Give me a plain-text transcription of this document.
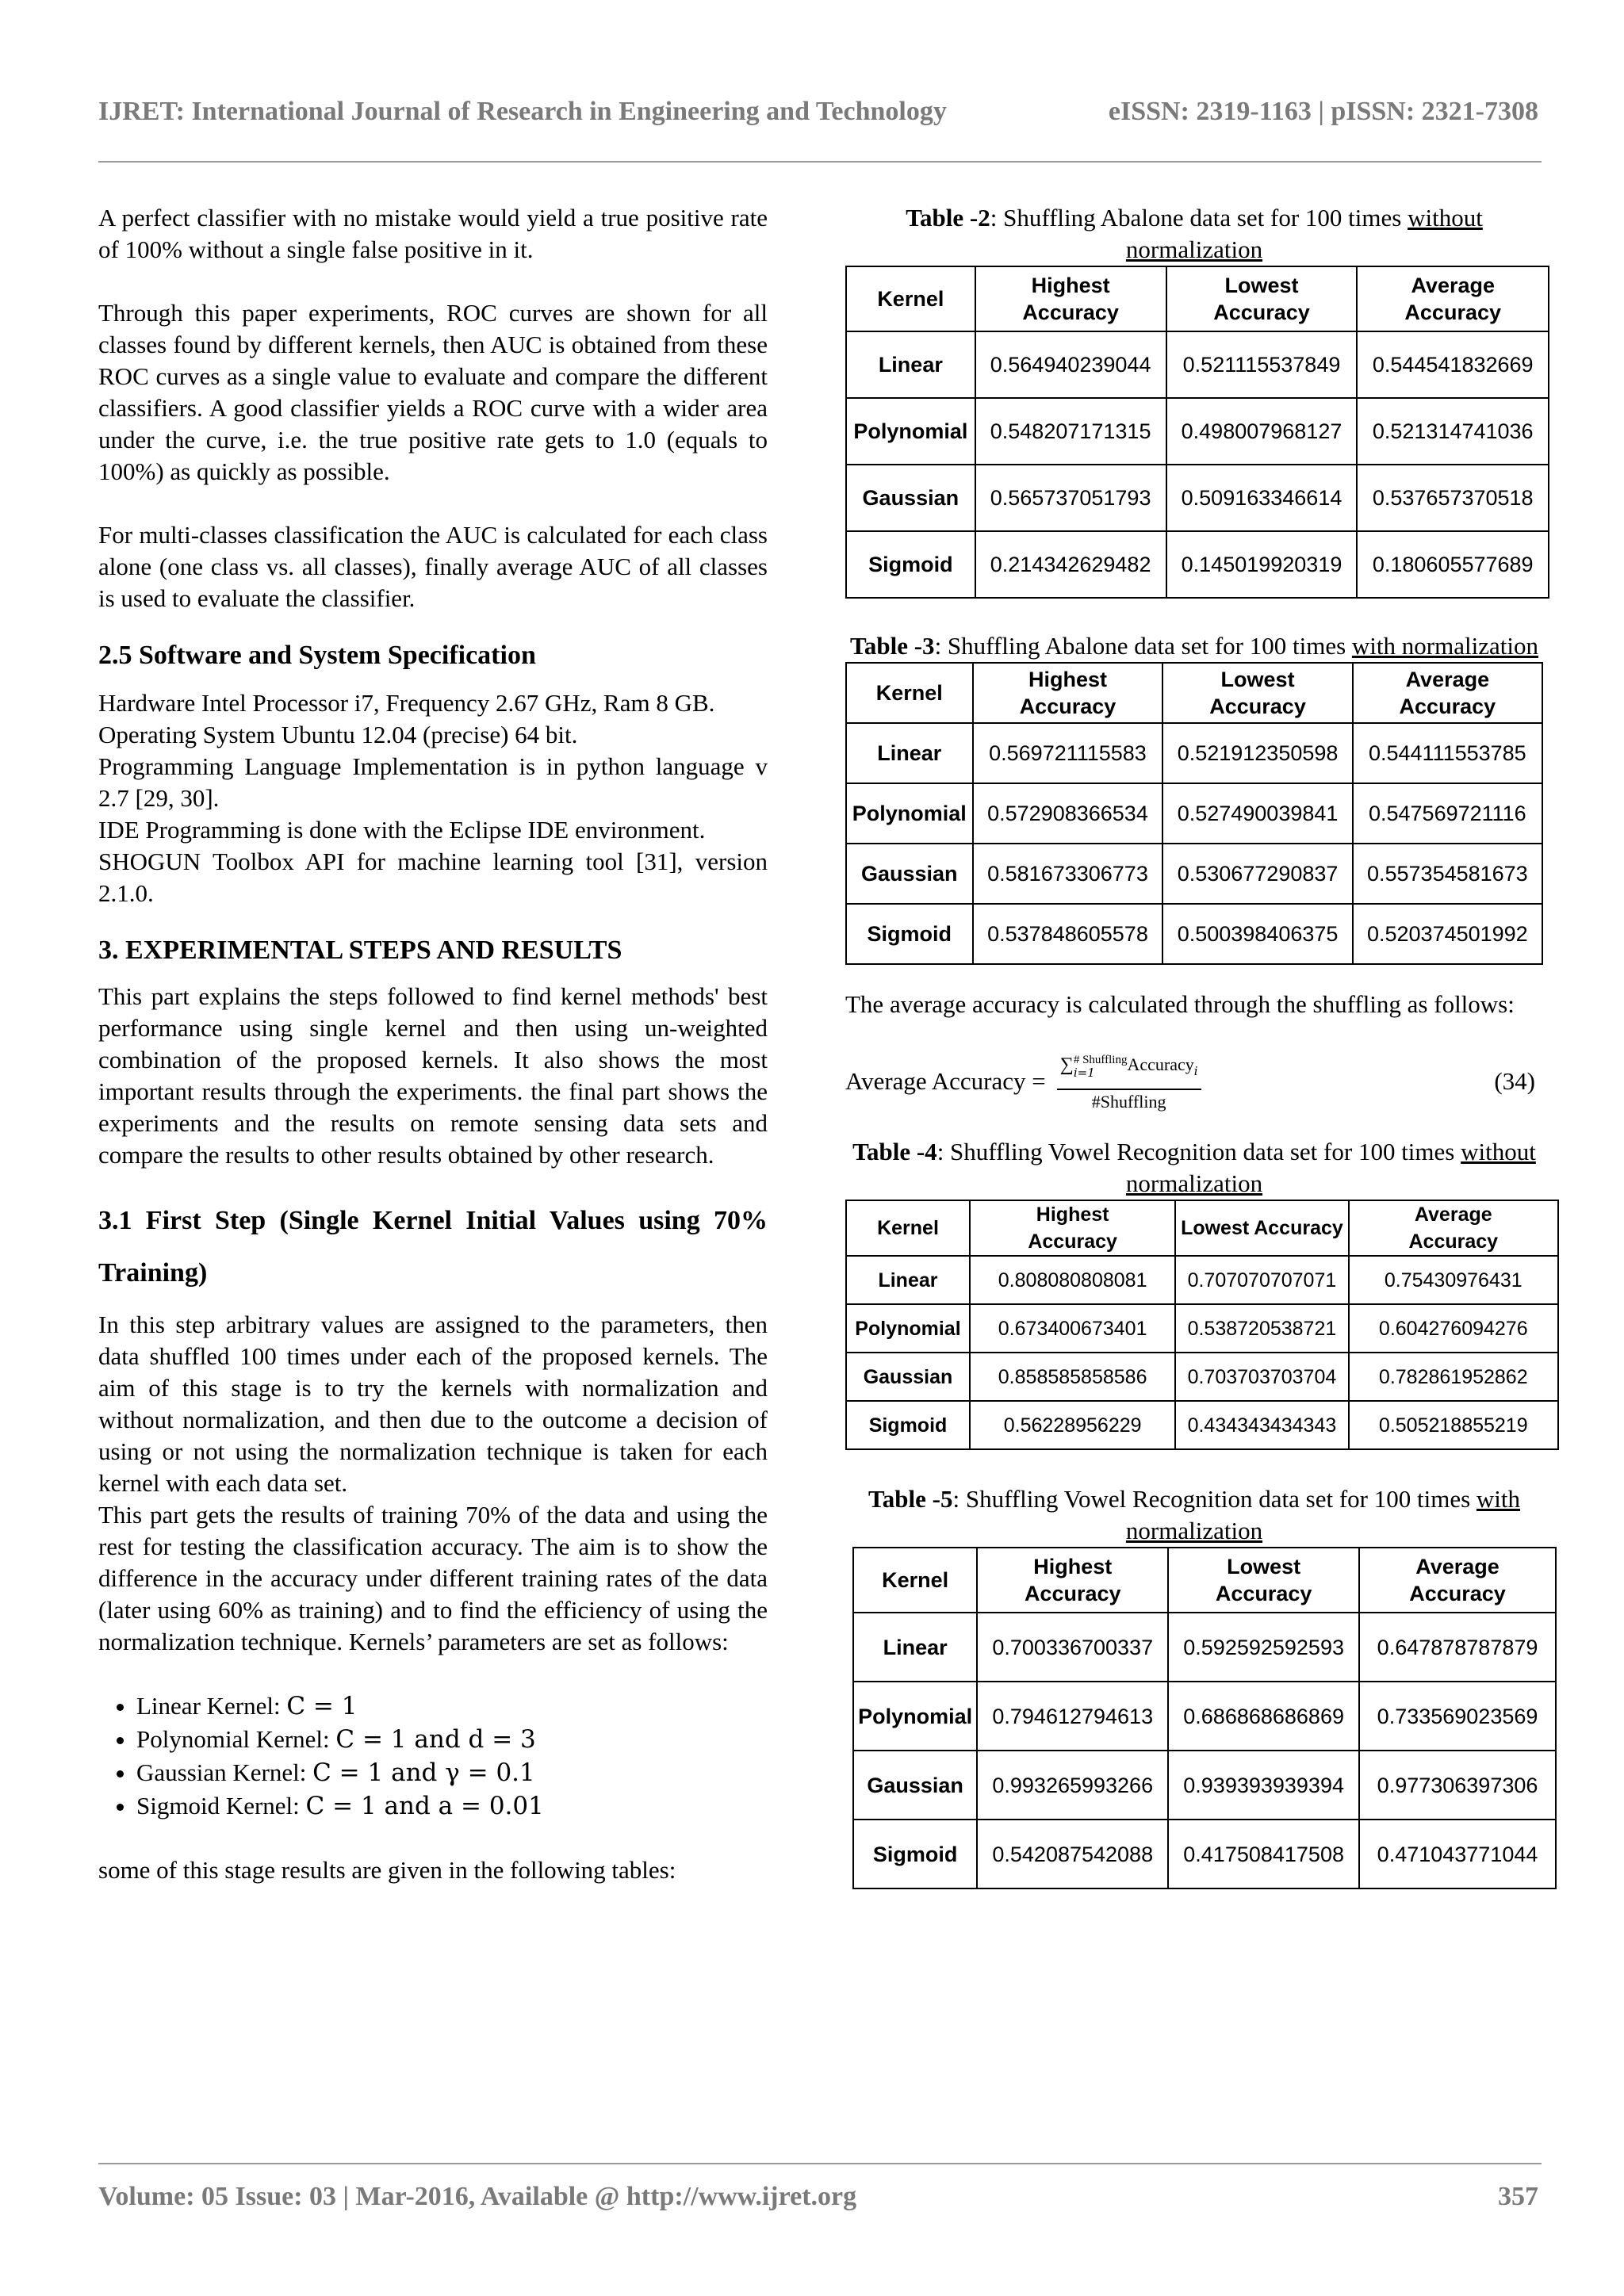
IJRET: International Journal of Research in Engineering and Technology	eISSN: 2319-1163 | pISSN: 2321-7308

A perfect classifier with no mistake would yield a true positive rate of 100% without a single false positive in it.

Through this paper experiments, ROC curves are shown for all classes found by different kernels, then AUC is obtained from these ROC curves as a single value to evaluate and compare the different classifiers. A good classifier yields a ROC curve with a wider area under the curve, i.e. the true positive rate gets to 1.0 (equals to 100%) as quickly as possible.

For multi-classes classification the AUC is calculated for each class alone (one class vs. all classes), finally average AUC of all classes is used to evaluate the classifier.

2.5 Software and System Specification

Hardware Intel Processor i7, Frequency 2.67 GHz, Ram 8 GB.

Operating System Ubuntu 12.04 (precise) 64 bit.

Programming Language Implementation is in python language v 2.7 [29, 30].

IDE Programming is done with the Eclipse IDE environment.

SHOGUN Toolbox API for machine learning tool [31], version 2.1.0.

3. EXPERIMENTAL STEPS AND RESULTS

This part explains the steps followed to find kernel methods' best performance using single kernel and then using un-weighted combination of the proposed kernels. It also shows the most important results through the experiments. the final part shows the experiments and the results on remote sensing data sets and compare the results to other results obtained by other research.

3.1 First Step (Single Kernel Initial Values using 70% Training)

In this step arbitrary values are assigned to the parameters, then data shuffled 100 times under each of the proposed kernels. The aim of this stage is to try the kernels with normalization and without normalization, and then due to the outcome a decision of using or not using the normalization technique is taken for each kernel with each data set.

This part gets the results of training 70% of the data and using the rest for testing the classification accuracy. The aim is to show the difference in the accuracy under different training rates of the data (later using 60% as training) and to find the efficiency of using the normalization technique. Kernels’ parameters are set as follows:

• Linear Kernel: C = 1
• Polynomial Kernel: C = 1 and d = 3
• Gaussian Kernel: C = 1 and γ = 0.1
• Sigmoid Kernel: C = 1 and a = 0.01

some of this stage results are given in the following tables:

Table -2: Shuffling Abalone data set for 100 times without normalization

Kernel	Highest Accuracy	Lowest Accuracy	Average Accuracy
Linear	0.564940239044	0.521115537849	0.544541832669
Polynomial	0.548207171315	0.498007968127	0.521314741036
Gaussian	0.565737051793	0.509163346614	0.537657370518
Sigmoid	0.214342629482	0.145019920319	0.180605577689

Table -3: Shuffling Abalone data set for 100 times with normalization

Kernel	Highest Accuracy	Lowest Accuracy	Average Accuracy
Linear	0.569721115583	0.521912350598	0.544111553785
Polynomial	0.572908366534	0.527490039841	0.547569721116
Gaussian	0.581673306773	0.530677290837	0.557354581673
Sigmoid	0.537848605578	0.500398406375	0.520374501992

The average accuracy is calculated through the shuffling as follows:

Average Accuracy =
∑ # Shuffling
i=1	Accuracy$_i$
#Shuffling
(34)

Table -4: Shuffling Vowel Recognition data set for 100 times without normalization

Kernel	Highest Accuracy	Lowest Accuracy	Average Accuracy
Linear	0.808080808081	0.707070707071	0.75430976431
Polynomial	0.673400673401	0.538720538721	0.604276094276
Gaussian	0.858585858586	0.703703703704	0.782861952862
Sigmoid	0.56228956229	0.434343434343	0.505218855219

Table -5: Shuffling Vowel Recognition data set for 100 times with normalization

Kernel	Highest Accuracy	Lowest Accuracy	Average Accuracy
Linear	0.700336700337	0.592592592593	0.647878787879
Polynomial	0.794612794613	0.686868686869	0.733569023569
Gaussian	0.993265993266	0.939393939394	0.977306397306
Sigmoid	0.542087542088	0.417508417508	0.471043771044
Volume: 05 Issue: 03 | Mar-2016, Available @ http://www.ijret.org	357
